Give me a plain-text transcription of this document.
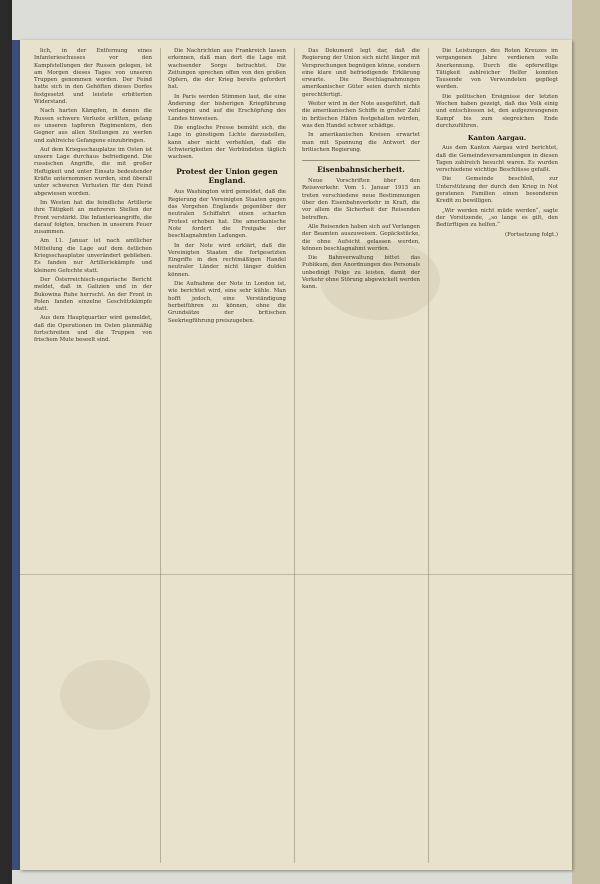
lich, in der Entfernung eines Infanterieschusses vor den Kampfstellungen der Russen gelegen, ist am Morgen dieses Tages von unseren Truppen genommen worden. Der Feind hatte sich in den Gehöften dieses Dorfes festgesetzt und leistete erbitterten Widerstand.

Nach harten Kämpfen, in denen die Russen schwere Verluste erlitten, gelang es unseren tapferen Regimentern, den Gegner aus allen Stellungen zu werfen und zahlreiche Gefangene einzubringen.

Auf dem Kriegsschauplatze im Osten ist unsere Lage durchaus befriedigend. Die russischen Angriffe, die mit großer Heftigkeit und unter Einsatz bedeutender Kräfte unternommen wurden, sind überall unter schweren Verlusten für den Feind abgewiesen worden.

Im Westen hat die feindliche Artillerie ihre Tätigkeit an mehreren Stellen der Front verstärkt. Die Infanterieangriffe, die darauf folgten, brachen in unserem Feuer zusammen.

Am 11. Januar ist nach amtlicher Mitteilung die Lage auf dem östlichen Kriegsschauplatze unverändert geblieben. Es fanden nur Artilleriekämpfe und kleinere Gefechte statt.

Der Österreichisch-ungarische Bericht meldet, daß in Galizien und in der Bukowina Ruhe herrscht. An der Front in Polen fanden einzelne Geschützkämpfe statt.

Aus dem Hauptquartier wird gemeldet, daß die Operationen im Osten planmäßig fortschreiten und die Truppen von frischem Mute beseelt sind.

Die Nachrichten aus Frankreich lassen erkennen, daß man dort die Lage mit wachsender Sorge betrachtet. Die Zeitungen sprechen offen von den großen Opfern, die der Krieg bereits gefordert hat.

In Paris werden Stimmen laut, die eine Änderung der bisherigen Kriegführung verlangen und auf die Erschöpfung des Landes hinweisen.

Die englische Presse bemüht sich, die Lage in günstigem Lichte darzustellen, kann aber nicht verhehlen, daß die Schwierigkeiten der Verbündeten täglich wachsen.

Protest der Union gegen England.

Aus Washington wird gemeldet, daß die Regierung der Vereinigten Staaten gegen das Vorgehen Englands gegenüber der neutralen Schiffahrt einen scharfen Protest erhoben hat. Die amerikanische Note fordert die Freigabe der beschlagnahmten Ladungen.

In der Note wird erklärt, daß die Vereinigten Staaten die fortgesetzten Eingriffe in den rechtmäßigen Handel neutraler Länder nicht länger dulden können.

Die Aufnahme der Note in London ist, wie berichtet wird, eine sehr kühle. Man hofft jedoch, eine Verständigung herbeiführen zu können, ohne die Grundsätze der britischen Seekriegführung preiszugeben.

Das Dokument legt dar, daß die Regierung der Union sich nicht länger mit Versprechungen begnügen könne, sondern eine klare und befriedigende Erklärung erwarte. Die Beschlagnahmungen amerikanischer Güter seien durch nichts gerechtfertigt.

Weiter wird in der Note ausgeführt, daß die amerikanischen Schiffe in großer Zahl in britischen Häfen festgehalten würden, was den Handel schwer schädige.

In amerikanischen Kreisen erwartet man mit Spannung die Antwort der britischen Regierung.

Eisenbahnsicherheit.

Neue Vorschriften über den Reiseverkehr. Vom 1. Januar 1915 an treten verschiedene neue Bestimmungen über den Eisenbahnverkehr in Kraft, die vor allem die Sicherheit der Reisenden betreffen.

Alle Reisenden haben sich auf Verlangen der Beamten auszuweisen. Gepäckstücke, die ohne Aufsicht gelassen werden, können beschlagnahmt werden.

Die Bahnverwaltung bittet das Publikum, den Anordnungen des Personals unbedingt Folge zu leisten, damit der Verkehr ohne Störung abgewickelt werden kann.

Die Leistungen des Roten Kreuzes im vergangenen Jahre verdienen volle Anerkennung. Durch die opferwillige Tätigkeit zahlreicher Helfer konnten Tausende von Verwundeten gepflegt werden.

Die politischen Ereignisse der letzten Wochen haben gezeigt, daß das Volk einig und entschlossen ist, den aufgezwungenen Kampf bis zum siegreichen Ende durchzuführen.

Kanton Aargau.

Aus dem Kanton Aargau wird berichtet, daß die Gemeindeversammlungen in diesen Tagen zahlreich besucht waren. Es wurden verschiedene wichtige Beschlüsse gefaßt.

Die Gemeinde beschloß, zur Unterstützung der durch den Krieg in Not geratenen Familien einen besonderen Kredit zu bewilligen.

„Wir werden nicht müde werden“, sagte der Vorsitzende, „so lange es gilt, den Bedürftigen zu helfen.“

(Fortsetzung folgt.)
